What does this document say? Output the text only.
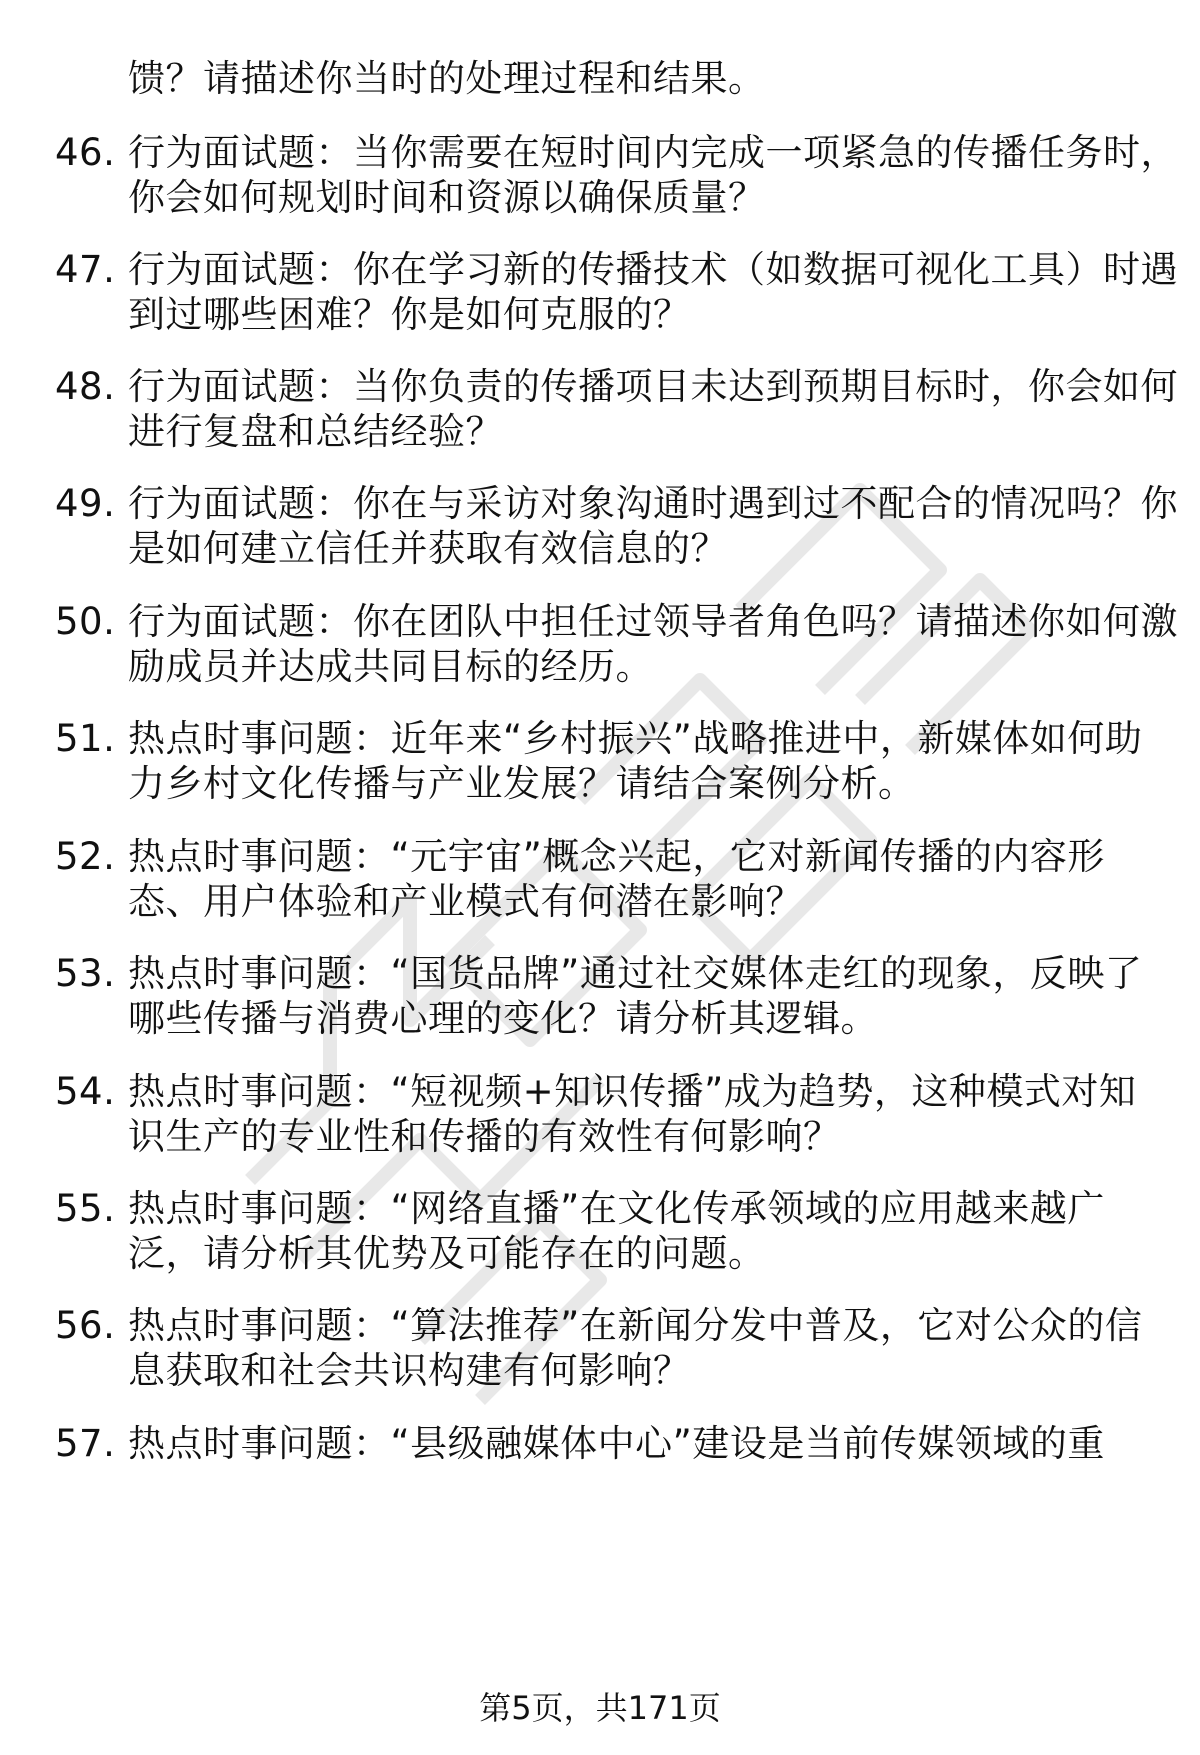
馈？请描述你当时的处理过程和结果。
46. 行为面试题：当你需要在短时间内完成一项紧急的传播任务时，
你会如何规划时间和资源以确保质量？
47. 行为面试题：你在学习新的传播技术（如数据可视化工具）时遇
到过哪些困难？你是如何克服的？
48. 行为面试题：当你负责的传播项目未达到预期目标时，你会如何
进行复盘和总结经验？
49. 行为面试题：你在与采访对象沟通时遇到过不配合的情况吗？你
是如何建立信任并获取有效信息的？
50. 行为面试题：你在团队中担任过领导者角色吗？请描述你如何激
励成员并达成共同目标的经历。
51. 热点时事问题：近年来“乡村振兴”战略推进中，新媒体如何助
力乡村文化传播与产业发展？请结合案例分析。
52. 热点时事问题：“元宇宙”概念兴起，它对新闻传播的内容形
态、用户体验和产业模式有何潜在影响？
53. 热点时事问题：“国货品牌”通过社交媒体走红的现象，反映了
哪些传播与消费心理的变化？请分析其逻辑。
54. 热点时事问题：“短视频+知识传播”成为趋势，这种模式对知
识生产的专业性和传播的有效性有何影响？
55. 热点时事问题：“网络直播”在文化传承领域的应用越来越广
泛，请分析其优势及可能存在的问题。
56. 热点时事问题：“算法推荐”在新闻分发中普及，它对公众的信
息获取和社会共识构建有何影响？
57. 热点时事问题：“县级融媒体中心”建设是当前传媒领域的重
第5页，共171页
